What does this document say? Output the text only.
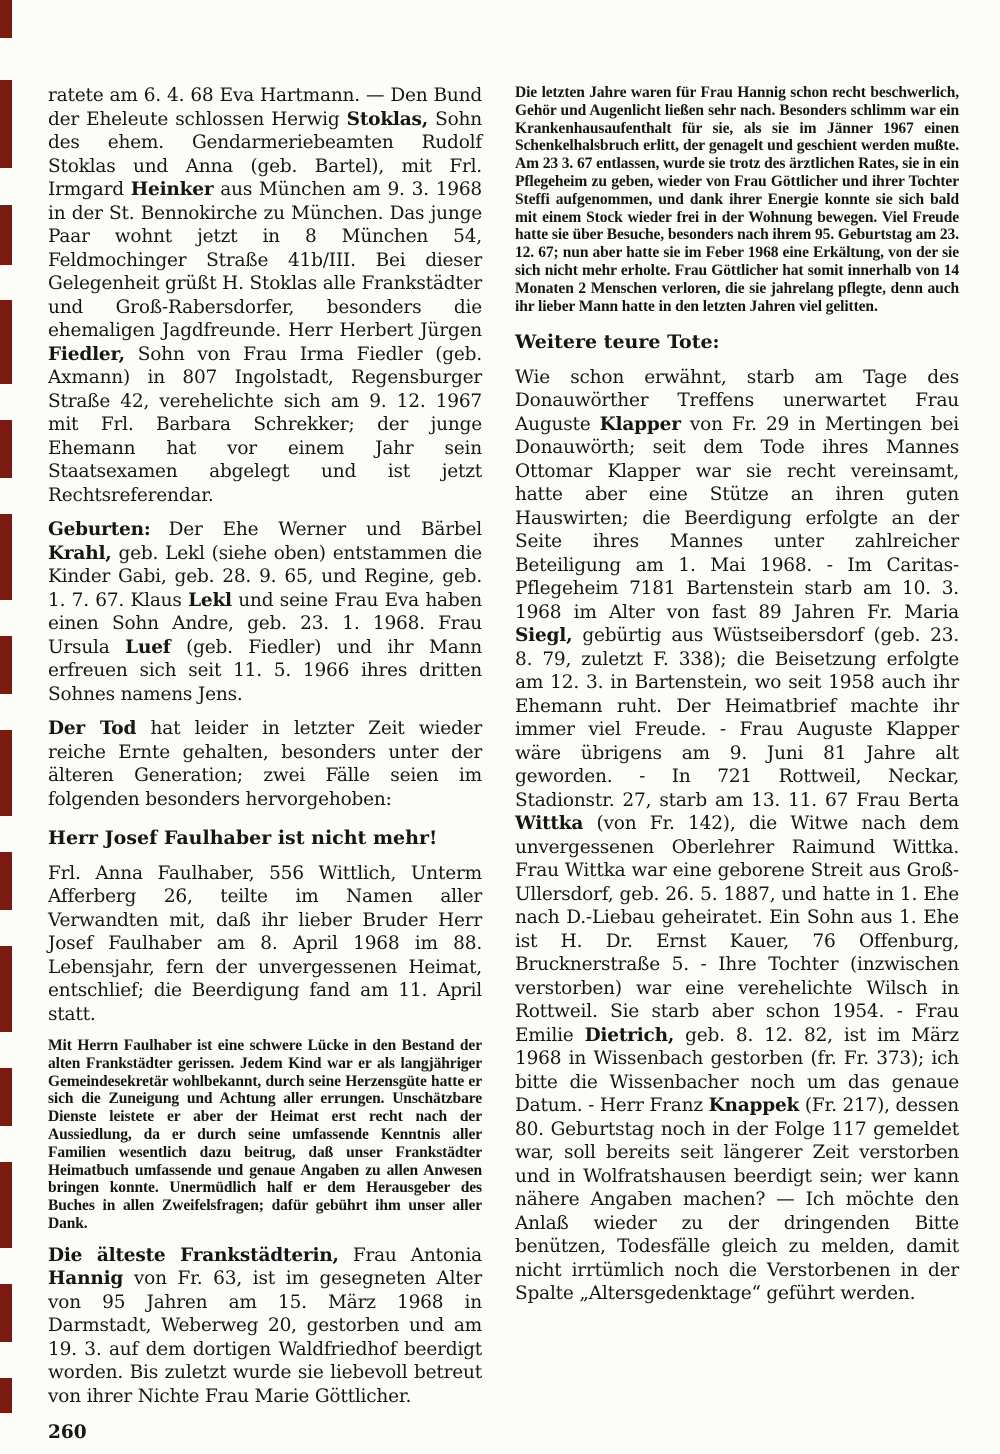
ratete am 6. 4. 68 Eva Hartmann. — Den Bund der Eheleute schlossen Herwig Stoklas, Sohn des ehem. Gendarmeriebeamten Rudolf Stoklas und Anna (geb. Bartel), mit Frl. Irmgard Heinker aus München am 9. 3. 1968 in der St. Bennokirche zu München. Das junge Paar wohnt jetzt in 8 München 54, Feldmochinger Straße 41b/III. Bei dieser Gelegenheit grüßt H. Stoklas alle Frankstädter und Groß-Rabersdorfer, besonders die ehemaligen Jagdfreunde. Herr Herbert Jürgen Fiedler, Sohn von Frau Irma Fiedler (geb. Axmann) in 807 Ingolstadt, Regensburger Straße 42, verehelichte sich am 9. 12. 1967 mit Frl. Barbara Schrekker; der junge Ehemann hat vor einem Jahr sein Staatsexamen abgelegt und ist jetzt Rechtsreferendar.

Geburten:  Der Ehe Werner und Bärbel Krahl, geb. Lekl (siehe oben) entstammen die Kinder Gabi, geb. 28. 9. 65, und Regine, geb. 1. 7. 67. Klaus Lekl und seine Frau Eva haben einen Sohn Andre, geb. 23. 1. 1968. Frau Ursula Luef (geb. Fiedler) und ihr Mann erfreuen sich seit 11. 5. 1966 ihres dritten Sohnes namens Jens.

Der Tod hat leider in letzter Zeit wieder reiche Ernte gehalten, besonders unter der älteren Generation; zwei Fälle seien im folgenden besonders hervorgehoben:

Herr Josef Faulhaber ist nicht mehr!

Frl. Anna Faulhaber, 556 Wittlich, Unterm Afferberg 26, teilte im Namen aller Verwandten mit, daß ihr lieber Bruder Herr Josef Faulhaber am 8. April 1968 im 88. Lebensjahr, fern der unvergessenen Heimat, entschlief; die Beerdigung fand am 11. April statt.

Mit Herrn Faulhaber ist eine schwere Lücke in den Bestand der alten Frankstädter gerissen. Jedem Kind war er als langjähriger Gemeindesekretär wohlbekannt, durch seine Herzensgüte hatte er sich die Zuneigung und Achtung aller errungen. Unschätzbare Dienste leistete er aber der Heimat erst recht nach der Aussiedlung, da er durch seine umfassende Kenntnis aller Familien wesentlich dazu beitrug, daß unser Frankstädter Heimatbuch umfassende und genaue Angaben zu allen Anwesen bringen konnte. Unermüdlich half er dem Herausgeber des Buches in allen Zweifelsfragen; dafür gebührt ihm unser aller Dank.

Die älteste Frankstädterin, Frau Antonia Hannig von Fr. 63, ist im gesegneten Alter von 95 Jahren am 15. März 1968 in Darmstadt, Weberweg 20, gestorben und am 19. 3. auf dem dortigen Waldfriedhof beerdigt worden. Bis zuletzt wurde sie liebevoll betreut von ihrer Nichte Frau Marie Göttlicher.

260

Die letzten Jahre waren für Frau Hannig schon recht beschwerlich, Gehör und Augenlicht ließen sehr nach. Besonders schlimm war ein Krankenhausaufenthalt für sie, als sie im Jänner 1967 einen Schenkelhalsbruch erlitt, der genagelt und geschient werden mußte. Am 23 3. 67 entlassen, wurde sie trotz des ärztlichen Rates, sie in ein Pflegeheim zu geben, wieder von Frau Göttlicher und ihrer Tochter Steffi aufgenommen, und dank ihrer Energie konnte sie sich bald mit einem Stock wieder frei in der Wohnung bewegen. Viel Freude hatte sie über Besuche, besonders nach ihrem 95. Geburtstag am 23. 12. 67; nun aber hatte sie im Feber 1968 eine Erkältung, von der sie sich nicht mehr erholte. Frau Göttlicher hat somit innerhalb von 14 Monaten 2 Menschen verloren, die sie jahrelang pflegte, denn auch ihr lieber Mann hatte in den letzten Jahren viel gelitten.

Weitere teure Tote:

Wie schon erwähnt, starb am Tage des Donauwörther Treffens unerwartet Frau Auguste Klapper von Fr. 29 in Mertingen bei Donauwörth; seit dem Tode ihres Mannes Ottomar Klapper war sie recht vereinsamt, hatte aber eine Stütze an ihren guten Hauswirten; die Beerdigung erfolgte an der Seite ihres Mannes unter zahlreicher Beteiligung am 1. Mai 1968. - Im Caritas-Pflegeheim 7181 Bartenstein starb am 10. 3. 1968 im Alter von fast 89 Jahren Fr. Maria Siegl, gebürtig aus Wüstseibersdorf (geb. 23. 8. 79, zuletzt F. 338); die Beisetzung erfolgte am 12. 3. in Bartenstein, wo seit 1958 auch ihr Ehemann ruht. Der Heimatbrief machte ihr immer viel Freude. - Frau Auguste Klapper wäre übrigens am 9. Juni 81 Jahre alt geworden. - In 721 Rottweil, Neckar, Stadionstr. 27, starb am 13. 11. 67 Frau Berta Wittka (von Fr. 142), die Witwe nach dem unvergessenen Oberlehrer Raimund Wittka. Frau Wittka war eine geborene Streit aus Groß-Ullersdorf, geb. 26. 5. 1887, und hatte in 1. Ehe nach D.-Liebau geheiratet. Ein Sohn aus 1. Ehe ist H. Dr. Ernst Kauer, 76 Offenburg, Brucknerstraße 5. - Ihre Tochter (inzwischen verstorben) war eine verehelichte Wilsch in Rottweil. Sie starb aber schon 1954. - Frau Emilie Dietrich, geb. 8. 12. 82, ist im März 1968 in Wissenbach gestorben (fr. Fr. 373); ich bitte die Wissenbacher noch um das genaue Datum. - Herr Franz Knappek (Fr. 217), dessen 80. Geburtstag noch in der Folge 117 gemeldet war, soll bereits seit längerer Zeit verstorben und in Wolfratshausen beerdigt sein; wer kann nähere Angaben machen? — Ich möchte den Anlaß wieder zu der dringenden Bitte benützen, Todesfälle gleich zu melden, damit nicht irrtümlich noch die Verstorbenen in der Spalte „Altersgedenktage“ geführt werden.
